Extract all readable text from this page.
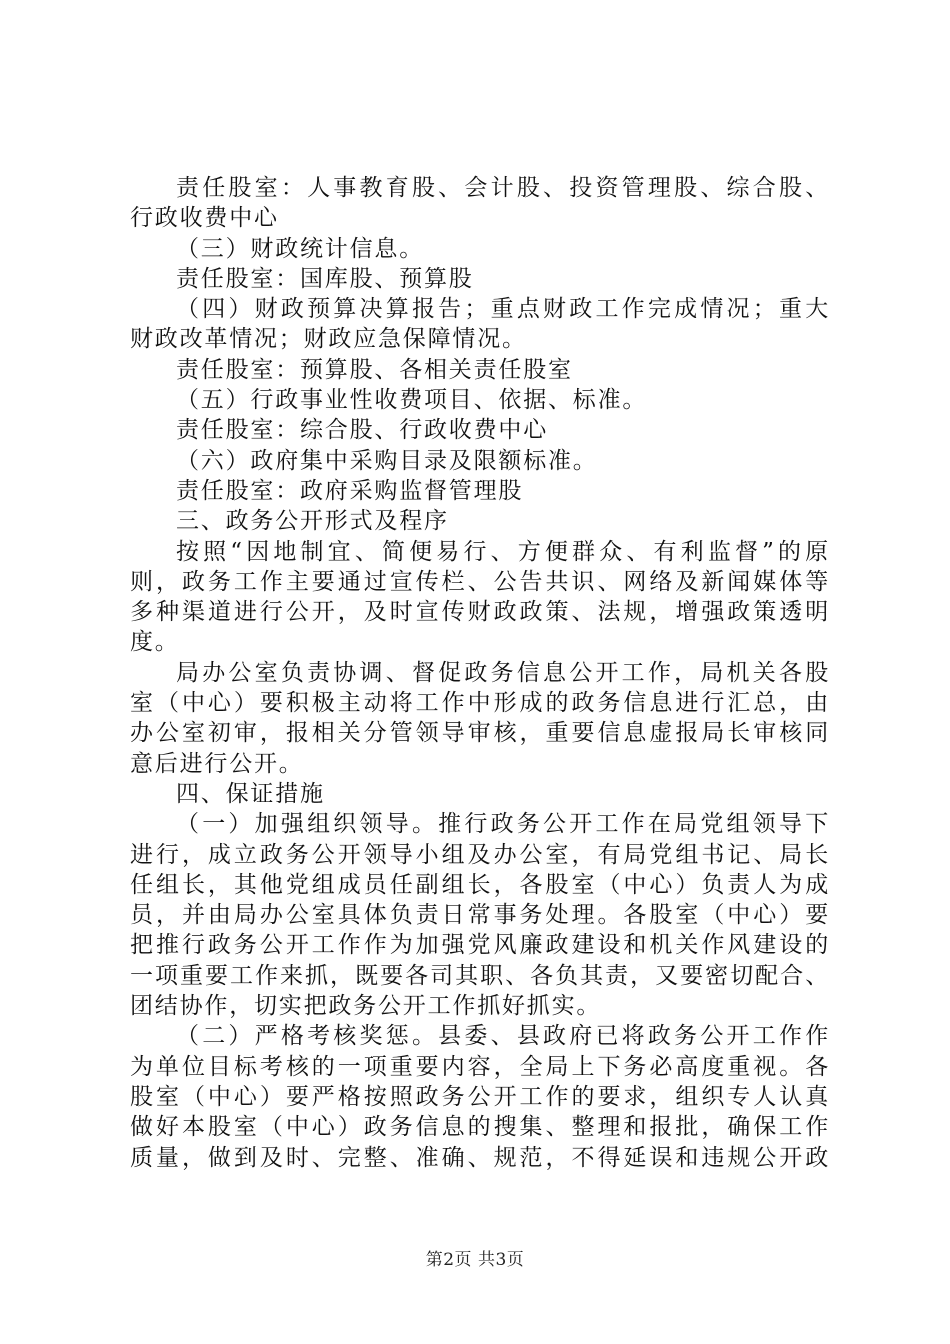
责任股室：人事教育股、会计股、投资管理股、综合股、
行政收费中心
（三）财政统计信息。
责任股室：国库股、预算股
（四）财政预算决算报告；重点财政工作完成情况；重大
财政改革情况；财政应急保障情况。
责任股室：预算股、各相关责任股室
（五）行政事业性收费项目、依据、标准。
责任股室：综合股、行政收费中心
（六）政府集中采购目录及限额标准。
责任股室：政府采购监督管理股
三、政务公开形式及程序
按照“因地制宜、简便易行、方便群众、有利监督”的原
则，政务工作主要通过宣传栏、公告共识、网络及新闻媒体等
多种渠道进行公开，及时宣传财政政策、法规，增强政策透明
度。
局办公室负责协调、督促政务信息公开工作，局机关各股
室（中心）要积极主动将工作中形成的政务信息进行汇总，由
办公室初审，报相关分管领导审核，重要信息虚报局长审核同
意后进行公开。
四、保证措施
（一）加强组织领导。推行政务公开工作在局党组领导下
进行，成立政务公开领导小组及办公室，有局党组书记、局长
任组长，其他党组成员任副组长，各股室（中心）负责人为成
员，并由局办公室具体负责日常事务处理。各股室（中心）要
把推行政务公开工作作为加强党风廉政建设和机关作风建设的
一项重要工作来抓，既要各司其职、各负其责，又要密切配合、
团结协作，切实把政务公开工作抓好抓实。
（二）严格考核奖惩。县委、县政府已将政务公开工作作
为单位目标考核的一项重要内容，全局上下务必高度重视。各
股室（中心）要严格按照政务公开工作的要求，组织专人认真
做好本股室（中心）政务信息的搜集、整理和报批，确保工作
质量，做到及时、完整、准确、规范，不得延误和违规公开政
第2页 共3页
